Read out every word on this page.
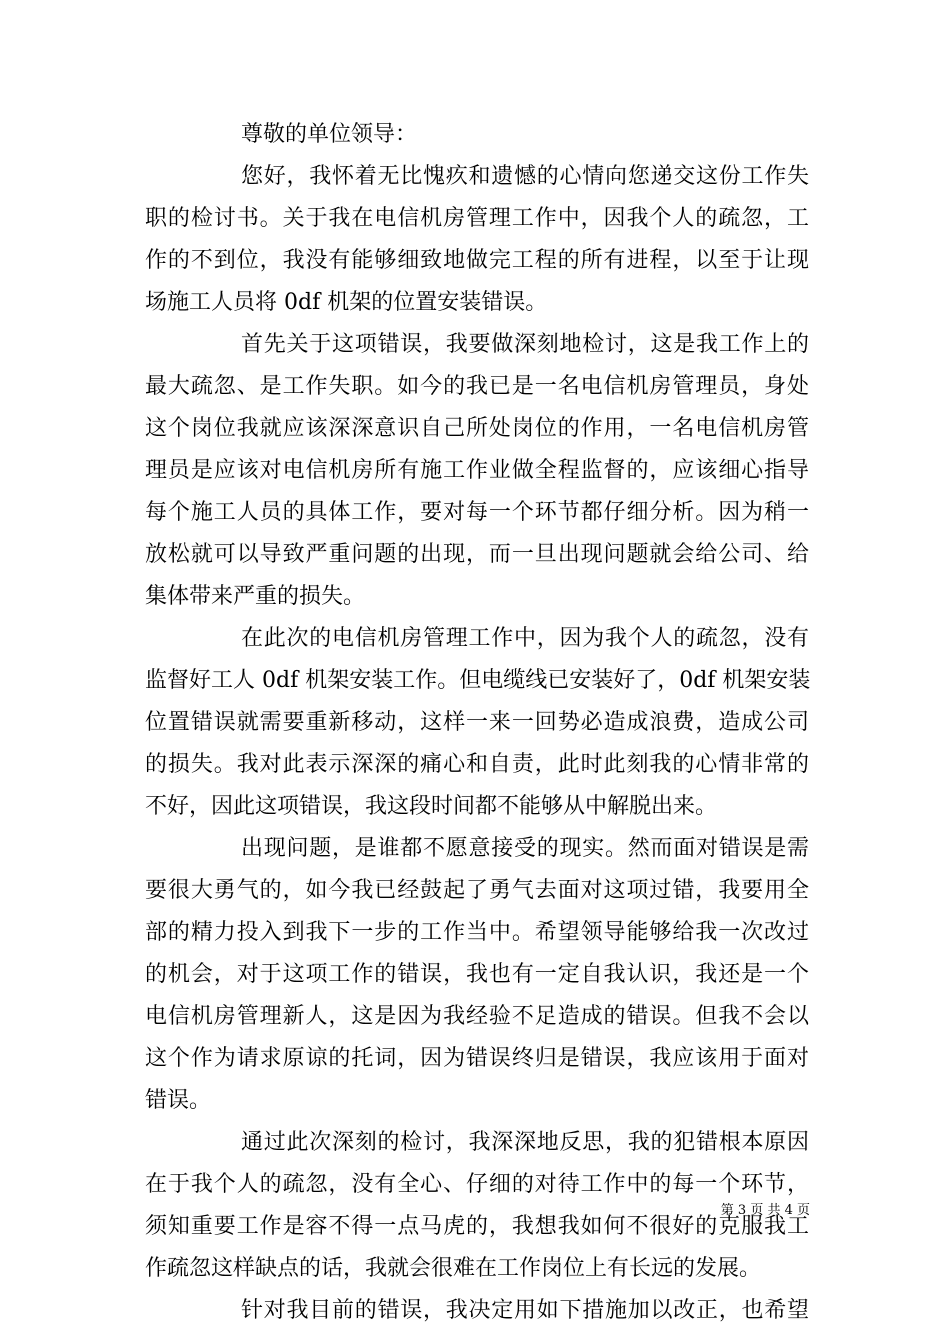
尊敬的单位领导：
您好，我怀着无比愧疚和遗憾的心情向您递交这份工作失
职的检讨书。关于我在电信机房管理工作中，因我个人的疏忽，工
作的不到位，我没有能够细致地做完工程的所有进程，以至于让现
场施工人员将 0df 机架的位置安装错误。
首先关于这项错误，我要做深刻地检讨，这是我工作上的
最大疏忽、是工作失职。如今的我已是一名电信机房管理员，身处
这个岗位我就应该深深意识自己所处岗位的作用，一名电信机房管
理员是应该对电信机房所有施工作业做全程监督的，应该细心指导
每个施工人员的具体工作，要对每一个环节都仔细分析。因为稍一
放松就可以导致严重问题的出现，而一旦出现问题就会给公司、给
集体带来严重的损失。
在此次的电信机房管理工作中，因为我个人的疏忽，没有
监督好工人 0df 机架安装工作。但电缆线已安装好了，0df 机架安装
位置错误就需要重新移动，这样一来一回势必造成浪费，造成公司
的损失。我对此表示深深的痛心和自责，此时此刻我的心情非常的
不好，因此这项错误，我这段时间都不能够从中解脱出来。
出现问题，是谁都不愿意接受的现实。然而面对错误是需
要很大勇气的，如今我已经鼓起了勇气去面对这项过错，我要用全
部的精力投入到我下一步的工作当中。希望领导能够给我一次改过
的机会，对于这项工作的错误，我也有一定自我认识，我还是一个
电信机房管理新人，这是因为我经验不足造成的错误。但我不会以
这个作为请求原谅的托词，因为错误终归是错误，我应该用于面对
错误。
通过此次深刻的检讨，我深深地反思，我的犯错根本原因
在于我个人的疏忽，没有全心、仔细的对待工作中的每一个环节，
须知重要工作是容不得一点马虎的，我想我如何不很好的克服我工
作疏忽这样缺点的话，我就会很难在工作岗位上有长远的发展。
针对我目前的错误，我决定用如下措施加以改正，也希望
第 3 页 共 4 页
